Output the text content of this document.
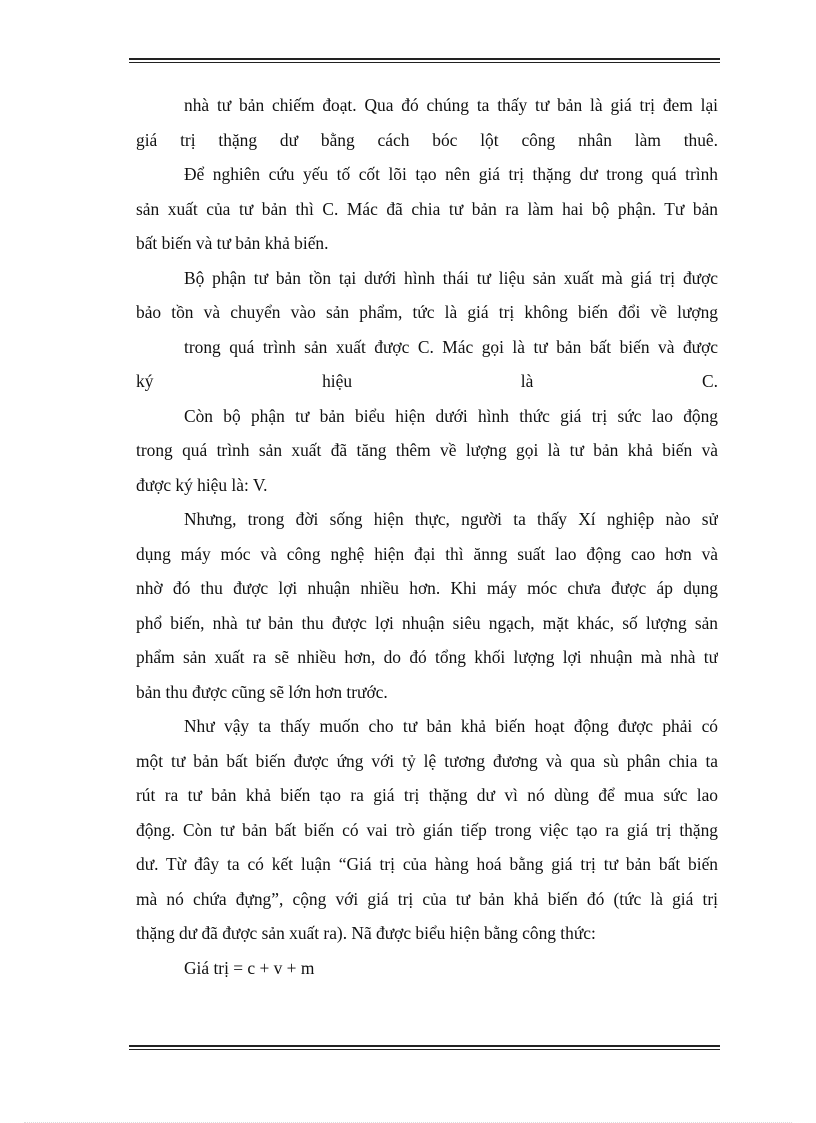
nhà tư bản chiếm đoạt. Qua đó chúng ta thấy tư bản là giá trị đem lại
giá trị thặng dư bằng cách bóc lột công nhân làm thuê.
Để nghiên cứu yếu tố cốt lõi tạo nên giá trị thặng dư trong quá trình
sản xuất của tư bản thì C. Mác đã chia tư bản ra làm hai bộ phận. Tư bản
bất biến và tư bản khả biến.
Bộ phận tư bản tồn tại dưới hình thái tư liệu sản xuất mà giá trị được
bảo tồn và chuyển vào sản phẩm, tức là giá trị không biến đổi về lượng
trong quá trình sản xuất được C. Mác gọi là tư bản bất biến và được
ký hiệu là C.
Còn bộ phận tư bản biểu hiện dưới hình thức giá trị sức lao động
trong quá trình sản xuất đã tăng thêm về lượng gọi là tư bản khả biến và
được ký hiệu là: V.
Nhưng, trong đời sống hiện thực, người ta thấy Xí nghiệp nào sử
dụng máy móc và công nghệ hiện đại thì ănng suất lao động cao hơn và
nhờ đó thu được lợi nhuận nhiều hơn. Khi máy móc chưa được áp dụng
phổ biến, nhà tư bản thu được lợi nhuận siêu ngạch, mặt khác, số lượng sản
phẩm sản xuất ra sẽ nhiều hơn, do đó tổng khối lượng lợi nhuận mà nhà tư
bản thu được cũng sẽ lớn hơn trước.
Như vậy ta thấy muốn cho tư bản khả biến hoạt động được phải có
một tư bản bất biến được ứng với tỷ lệ tương đương và qua sù phân chia ta
rút ra tư bản khả biến tạo ra giá trị thặng dư vì nó dùng để mua sức lao
động. Còn tư bản bất biến có vai trò gián tiếp trong việc tạo ra giá trị thặng
dư. Từ đây ta có kết luận “Giá trị của hàng hoá bằng giá trị tư bản bất biến
mà nó chứa đựng”, cộng với giá trị của tư bản khả biến đó (tức là giá trị
thặng dư đã được sản xuất ra). Nã được biểu hiện bằng công thức:
Giá trị = c + v + m
